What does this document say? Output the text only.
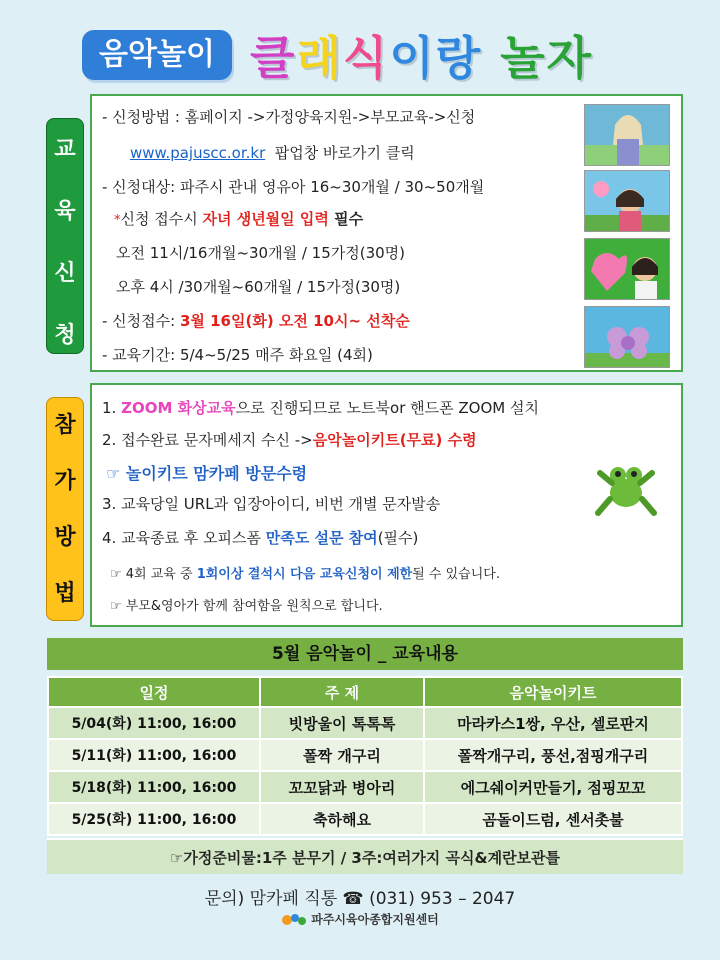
음악놀이 클래식이랑 놀자
교
육
신
청
- 신청방법 : 홈페이지 ->가정양육지원->부모교육->신청
www.pajuscc.or.kr 팝업창 바로가기 클릭
- 신청대상: 파주시 관내 영유아 16~30개월 / 30~50개월
*신청 접수시 자녀 생년월일 입력 필수
오전 11시/16개월~30개월 / 15가정(30명)
오후 4시 /30개월~60개월 / 15가정(30명)
- 신청접수: 3월 16일(화) 오전 10시~ 선착순
- 교육기간: 5/4~5/25 매주 화요일 (4회)
참
가
방
법
1. ZOOM 화상교육으로 진행되므로 노트북or 핸드폰 ZOOM 설치
2. 접수완료 문자메세지 수신 ->음악놀이키트(무료) 수령
☞ 놀이키트 맘카페 방문수령
3. 교육당일 URL과 입장아이디, 비번 개별 문자발송
4. 교육종료 후 오피스폼 만족도 설문 참여(필수)
☞ 4회 교육 중 1회이상 결석시 다음 교육신청이 제한될 수 있습니다.
☞ 부모&영아가 함께 참여함을 원칙으로 합니다.
5월 음악놀이 _ 교육내용
일정	주 제	음악놀이키트
5/04(화) 11:00, 16:00	빗방울이 톡톡톡	마라카스1쌍, 우산, 셀로판지
5/11(화) 11:00, 16:00	폴짝 개구리	폴짝개구리, 풍선,점핑개구리
5/18(화) 11:00, 16:00	꼬꼬닭과 병아리	에그쉐이커만들기, 점핑꼬꼬
5/25(화) 11:00, 16:00	축하해요	곰돌이드럼, 센서촛불
☞가정준비물:1주 분무기 / 3주:여러가지 곡식&계란보관틀
문의) 맘카페 직통 ☎ (031) 953 – 2047
파주시육아종합지원센터
